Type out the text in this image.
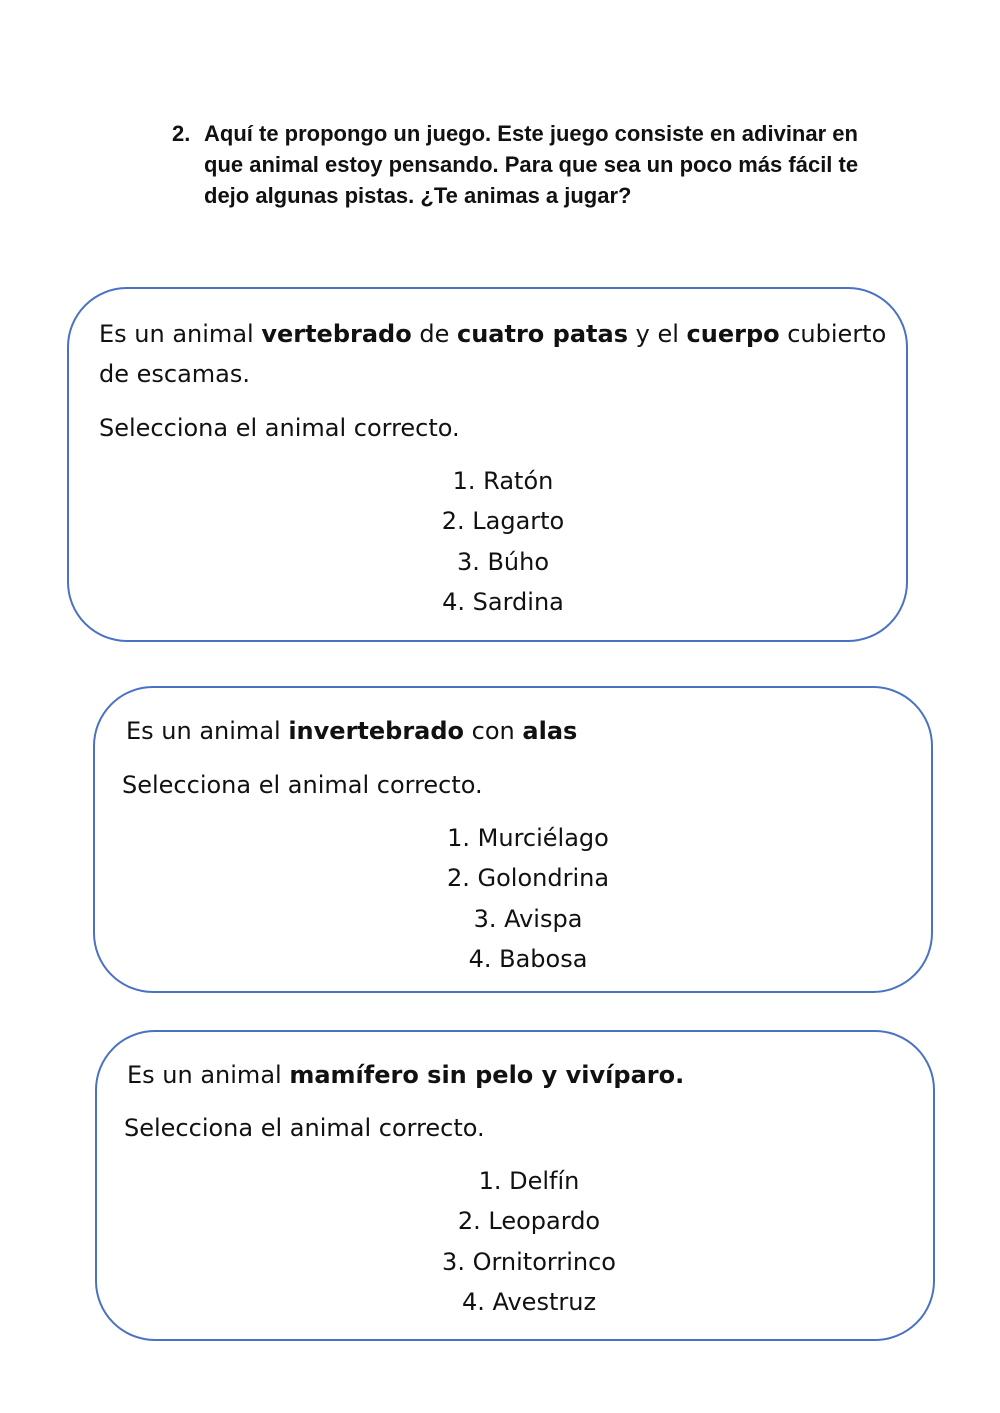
2. Aquí te propongo un juego. Este juego consiste en adivinar en que animal estoy pensando. Para que sea un poco más fácil te dejo algunas pistas. ¿Te animas a jugar?
Es un animal vertebrado de cuatro patas y el cuerpo cubierto de escamas.
Selecciona el animal correcto.
1. Ratón
2. Lagarto
3. Búho
4. Sardina
Es un animal invertebrado con alas
Selecciona el animal correcto.
1. Murciélago
2. Golondrina
3. Avispa
4. Babosa
Es un animal mamífero sin pelo y vivíparo.
Selecciona el animal correcto.
1. Delfín
2. Leopardo
3. Ornitorrinco
4. Avestruz
